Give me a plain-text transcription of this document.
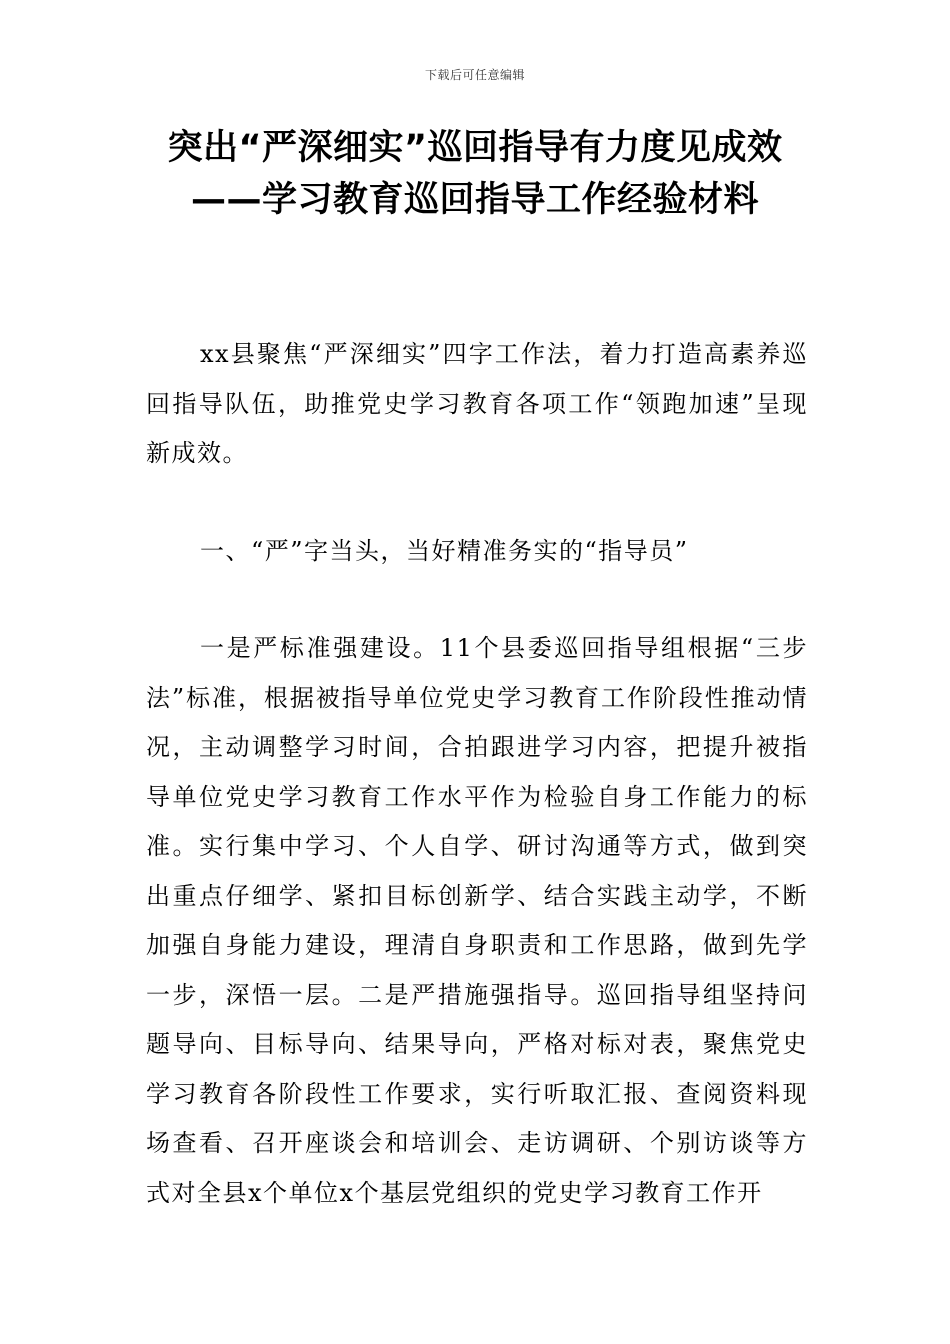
下载后可任意编辑
突出“严深细实”巡回指导有力度见成效
——学习教育巡回指导工作经验材料

xx县聚焦“严深细实”四字工作法，着力打造高素养巡回指导队伍，助推党史学习教育各项工作“领跑加速”呈现新成效。

一、“严”字当头，当好精准务实的“指导员”

一是严标准强建设。11个县委巡回指导组根据“三步法”标准，根据被指导单位党史学习教育工作阶段性推动情况，主动调整学习时间，合拍跟进学习内容，把提升被指导单位党史学习教育工作水平作为检验自身工作能力的标准。实行集中学习、个人自学、研讨沟通等方式，做到突出重点仔细学、紧扣目标创新学、结合实践主动学，不断加强自身能力建设，理清自身职责和工作思路，做到先学一步，深悟一层。二是严措施强指导。巡回指导组坚持问题导向、目标导向、结果导向，严格对标对表，聚焦党史学习教育各阶段性工作要求，实行听取汇报、查阅资料现场查看、召开座谈会和培训会、走访调研、个别访谈等方式对全县x个单位x个基层党组织的党史学习教育工作开
